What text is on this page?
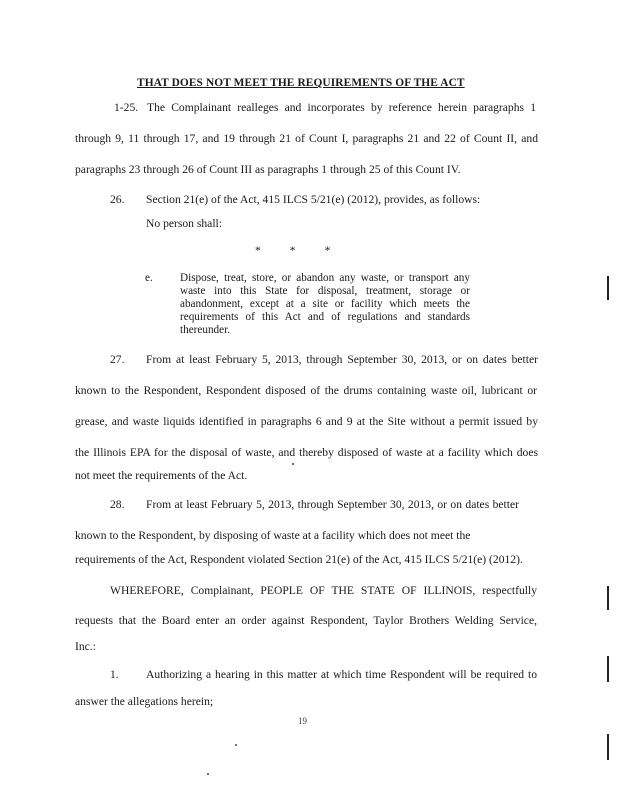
THAT DOES NOT MEET THE REQUIREMENTS OF THE ACT
1-25. The Complainant realleges and incorporates by reference herein paragraphs 1
through 9, 11 through 17, and 19 through 21 of Count I, paragraphs 21 and 22 of Count II, and
paragraphs 23 through 26 of Count III as paragraphs 1 through 25 of this Count IV.
26. Section 21(e) of the Act, 415 ILCS 5/21(e) (2012), provides, as follows:
No person shall:
*          *          *
e. Dispose, treat, store, or abandon any waste, or transport any
waste into this State for disposal, treatment, storage or
abandonment, except at a site or facility which meets the
requirements of this Act and of regulations and standards
thereunder.
27. From at least February 5, 2013, through September 30, 2013, or on dates better
known to the Respondent, Respondent disposed of the drums containing waste oil, lubricant or
grease, and waste liquids identified in paragraphs 6 and 9 at the Site without a permit issued by
the Illinois EPA for the disposal of waste, and thereby disposed of waste at a facility which does
not meet the requirements of the Act.
28. From at least February 5, 2013, through September 30, 2013, or on dates better
known to the Respondent, by disposing of waste at a facility which does not meet the
requirements of the Act, Respondent violated Section 21(e) of the Act, 415 ILCS 5/21(e) (2012).
WHEREFORE, Complainant, PEOPLE OF THE STATE OF ILLINOIS, respectfully
requests that the Board enter an order against Respondent, Taylor Brothers Welding Service,
Inc.:
1. Authorizing a hearing in this matter at which time Respondent will be required to
answer the allegations herein;
19
